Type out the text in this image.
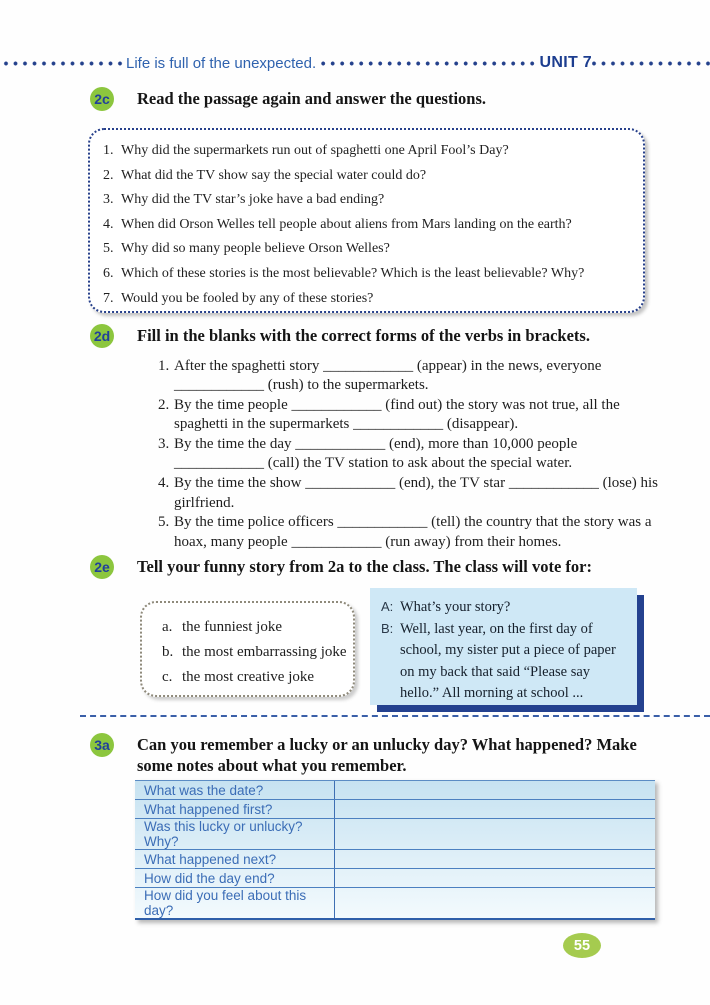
Life is full of the unexpected.	UNIT 7
2c Read the passage again and answer the questions.
1. Why did the supermarkets run out of spaghetti one April Fool’s Day?
2. What did the TV show say the special water could do?
3. Why did the TV star’s joke have a bad ending?
4. When did Orson Welles tell people about aliens from Mars landing on the earth?
5. Why did so many people believe Orson Welles?
6. Which of these stories is the most believable? Which is the least believable? Why?
7. Would you be fooled by any of these stories?
2d Fill in the blanks with the correct forms of the verbs in brackets.
1. After the spaghetti story ____________ (appear) in the news, everyone ____________ (rush) to the supermarkets.
2. By the time people ____________ (find out) the story was not true, all the spaghetti in the supermarkets ____________ (disappear).
3. By the time the day ____________ (end), more than 10,000 people ____________ (call) the TV station to ask about the special water.
4. By the time the show ____________ (end), the TV star ____________ (lose) his girlfriend.
5. By the time police officers ____________ (tell) the country that the story was a hoax, many people ____________ (run away) from their homes.
2e Tell your funny story from 2a to the class. The class will vote for:
a. the funniest joke
b. the most embarrassing joke
c. the most creative joke
A: What’s your story?
B: Well, last year, on the first day of school, my sister put a piece of paper on my back that said “Please say hello.” All morning at school ...
3a Can you remember a lucky or an unlucky day? What happened? Make some notes about what you remember.
What was the date?
What happened first?
Was this lucky or unlucky? Why?
What happened next?
How did the day end?
How did you feel about this day?
55
